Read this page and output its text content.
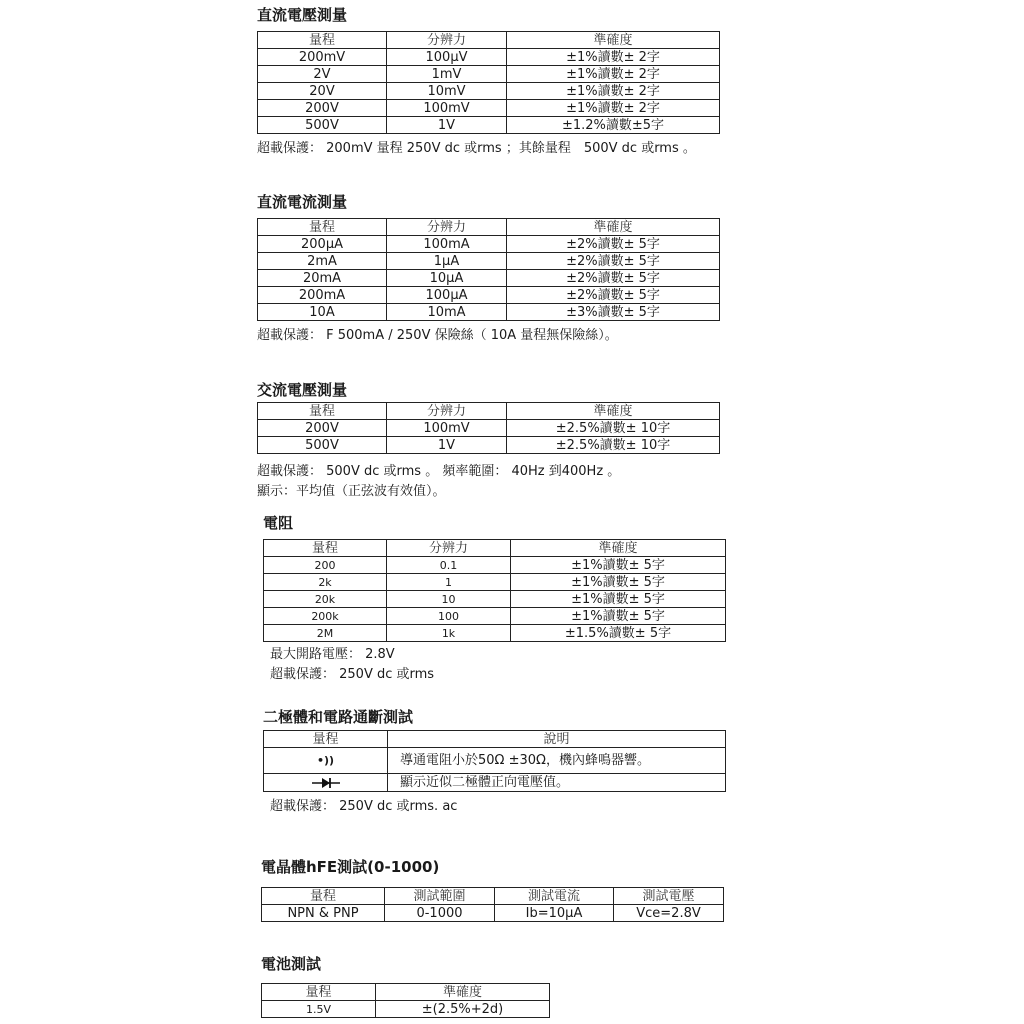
直流電壓測量
量程	分辨力	準確度
200mV	100μV	±1%讀數± 2字
2V	1mV	±1%讀數± 2字
20V	10mV	±1%讀數± 2字
200V	100mV	±1%讀數± 2字
500V	1V	±1.2%讀數±5字

超載保護： 200mV 量程 250V dc 或rms ；其餘量程　500V dc 或rms 。

直流電流測量
量程	分辨力	準確度
200μA	100mA	±2%讀數± 5字
2mA	1μA	±2%讀數± 5字
20mA	10μA	±2%讀數± 5字
200mA	100μA	±2%讀數± 5字
10A	10mA	±3%讀數± 5字

超載保護： F 500mA / 250V 保險絲（ 10A 量程無保險絲）。

交流電壓測量
量程	分辨力	準確度
200V	100mV	±2.5%讀數± 10字
500V	1V	±2.5%讀數± 10字

超載保護： 500V dc 或rms 。 頻率範圍： 40Hz 到400Hz 。

顯示：平均值（正弦波有效值）。

電阻
量程	分辨力	準確度
200	0.1	±1%讀數± 5字
2k	1	±1%讀數± 5字
20k	10	±1%讀數± 5字
200k	100	±1%讀數± 5字
2M	1k	±1.5%讀數± 5字

最大開路電壓： 2.8V

超載保護： 250V dc 或rms

二極體和電路通斷測試
量程	說明
•))	導通電阻小於50Ω ±30Ω，機內蜂鳴器響。
	顯示近似二極體正向電壓值。

超載保護： 250V dc 或rms. ac

電晶體hFE測試(0-1000)
量程	測試範圍	測試電流	測試電壓
NPN & PNP	0-1000	Ib=10μA	Vce=2.8V
電池測試
量程	準確度
1.5V	±(2.5%+2d)
